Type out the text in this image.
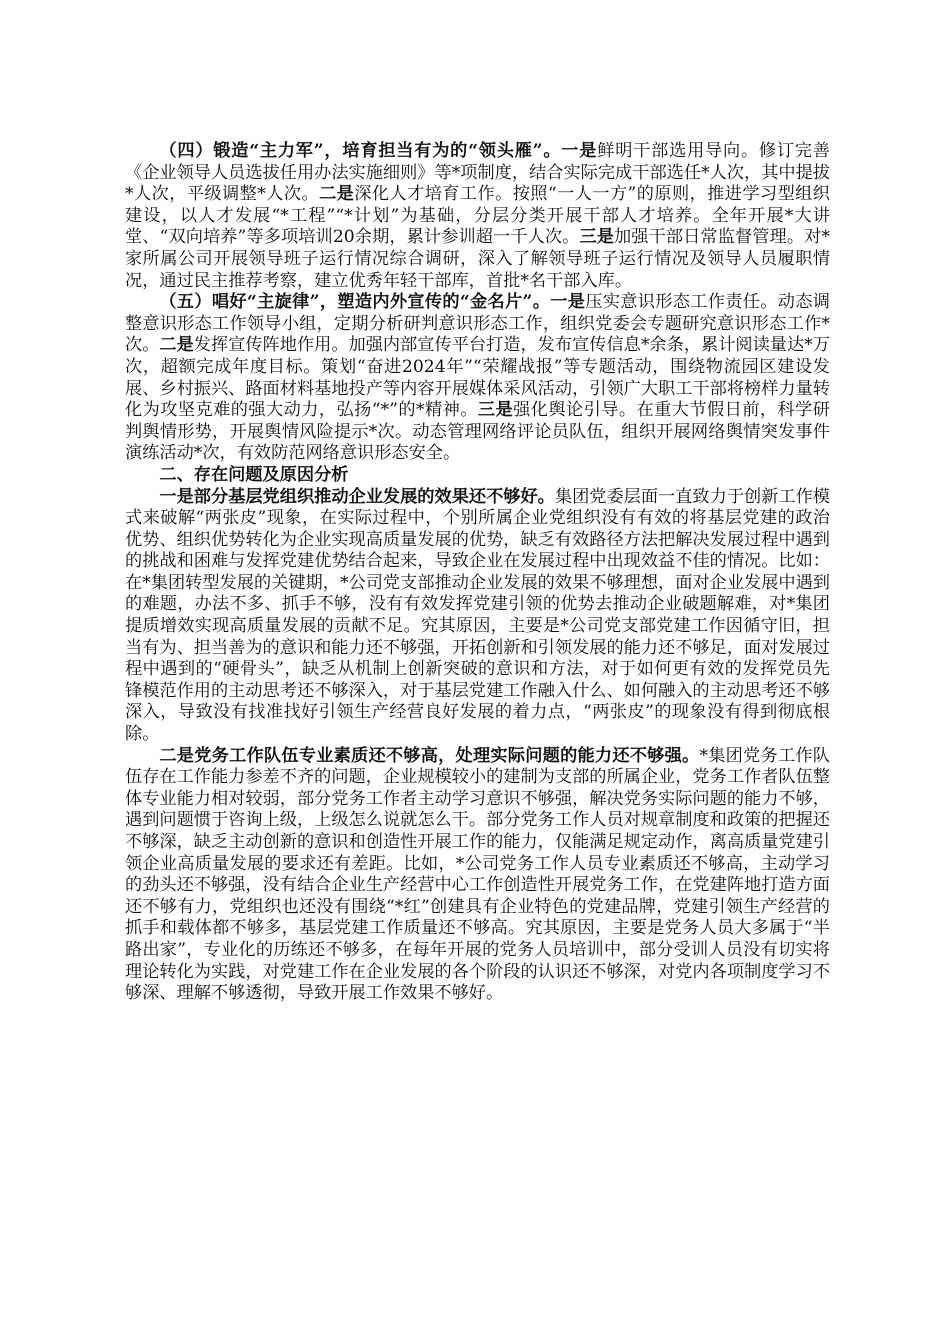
（四）锻造“主力军”，培育担当有为的“领头雁”。一是鲜明干部选用导向。修订完善《企业领导人员选拔任用办法实施细则》等*项制度，结合实际完成干部选任*人次，其中提拔*人次，平级调整*人次。二是深化人才培育工作。按照“一人一方”的原则，推进学习型组织建设，以人才发展“*工程”“*计划”为基础，分层分类开展干部人才培养。全年开展*大讲堂、“双向培养”等多项培训20余期，累计参训超一千人次。三是加强干部日常监督管理。对*家所属公司开展领导班子运行情况综合调研，深入了解领导班子运行情况及领导人员履职情况，通过民主推荐考察，建立优秀年轻干部库，首批*名干部入库。

（五）唱好“主旋律”，塑造内外宣传的“金名片”。一是压实意识形态工作责任。动态调整意识形态工作领导小组，定期分析研判意识形态工作，组织党委会专题研究意识形态工作*次。二是发挥宣传阵地作用。加强内部宣传平台打造，发布宣传信息*余条，累计阅读量达*万次，超额完成年度目标。策划“奋进2024年”“荣耀战报”等专题活动，围绕物流园区建设发展、乡村振兴、路面材料基地投产等内容开展媒体采风活动，引领广大职工干部将榜样力量转化为攻坚克难的强大动力，弘扬“*”的*精神。三是强化舆论引导。在重大节假日前，科学研判舆情形势，开展舆情风险提示*次。动态管理网络评论员队伍，组织开展网络舆情突发事件演练活动*次，有效防范网络意识形态安全。

二、存在问题及原因分析

一是部分基层党组织推动企业发展的效果还不够好。集团党委层面一直致力于创新工作模式来破解“两张皮”现象，在实际过程中，个别所属企业党组织没有有效的将基层党建的政治优势、组织优势转化为企业实现高质量发展的优势，缺乏有效路径方法把解决发展过程中遇到的挑战和困难与发挥党建优势结合起来，导致企业在发展过程中出现效益不佳的情况。比如：在*集团转型发展的关键期，*公司党支部推动企业发展的效果不够理想，面对企业发展中遇到的难题，办法不多、抓手不够，没有有效发挥党建引领的优势去推动企业破题解难，对*集团提质增效实现高质量发展的贡献不足。究其原因，主要是*公司党支部党建工作因循守旧，担当有为、担当善为的意识和能力还不够强，开拓创新和引领发展的能力还不够足，面对发展过程中遇到的“硬骨头”，缺乏从机制上创新突破的意识和方法，对于如何更有效的发挥党员先锋模范作用的主动思考还不够深入，对于基层党建工作融入什么、如何融入的主动思考还不够深入，导致没有找准找好引领生产经营良好发展的着力点，“两张皮”的现象没有得到彻底根除。

二是党务工作队伍专业素质还不够高，处理实际问题的能力还不够强。*集团党务工作队伍存在工作能力参差不齐的问题，企业规模较小的建制为支部的所属企业，党务工作者队伍整体专业能力相对较弱，部分党务工作者主动学习意识不够强，解决党务实际问题的能力不够，遇到问题惯于咨询上级，上级怎么说就怎么干。部分党务工作人员对规章制度和政策的把握还不够深，缺乏主动创新的意识和创造性开展工作的能力，仅能满足规定动作，离高质量党建引领企业高质量发展的要求还有差距。比如，*公司党务工作人员专业素质还不够高，主动学习的劲头还不够强，没有结合企业生产经营中心工作创造性开展党务工作，在党建阵地打造方面还不够有力，党组织也还没有围绕“*红”创建具有企业特色的党建品牌，党建引领生产经营的抓手和载体都不够多，基层党建工作质量还不够高。究其原因，主要是党务人员大多属于“半路出家”，专业化的历练还不够多，在每年开展的党务人员培训中，部分受训人员没有切实将理论转化为实践，对党建工作在企业发展的各个阶段的认识还不够深，对党内各项制度学习不够深、理解不够透彻，导致开展工作效果不够好。
